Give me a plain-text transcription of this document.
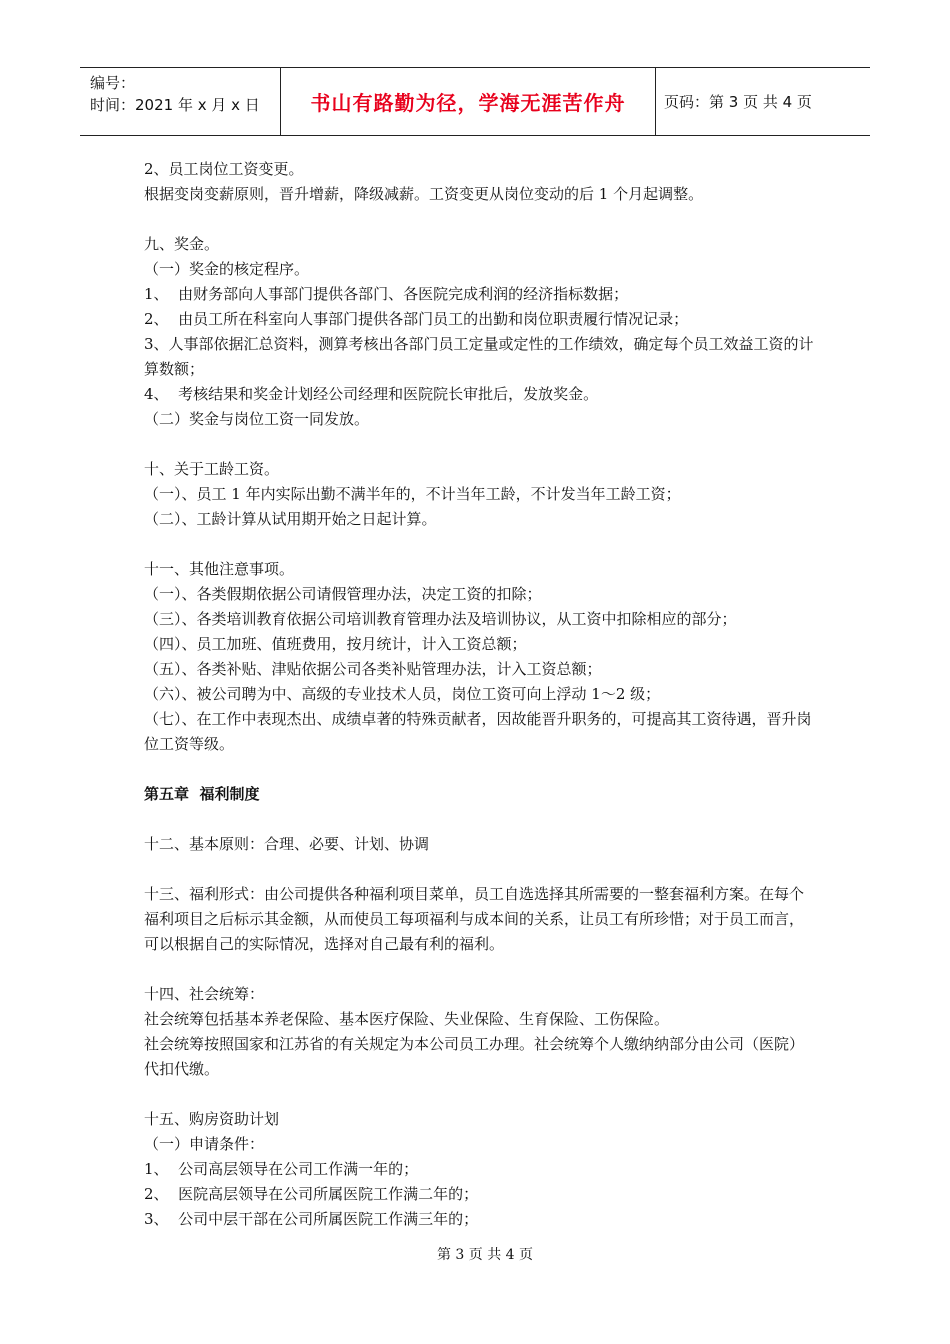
编号：
时间：2021 年 x 月 x 日	书山有路勤为径，学海无涯苦作舟	页码：第 3 页 共 4 页

2、员工岗位工资变更。

根据变岗变薪原则，晋升增薪，降级减薪。工资变更从岗位变动的后 1 个月起调整。

九、奖金。

（一）奖金的核定程序。

1、  由财务部向人事部门提供各部门、各医院完成利润的经济指标数据；

2、  由员工所在科室向人事部门提供各部门员工的出勤和岗位职责履行情况记录；

3、人事部依据汇总资料，测算考核出各部门员工定量或定性的工作绩效，确定每个员工效益工资的计算数额；

4、  考核结果和奖金计划经公司经理和医院院长审批后，发放奖金。

（二）奖金与岗位工资一同发放。

十、关于工龄工资。

（一）、员工 1 年内实际出勤不满半年的，不计当年工龄，不计发当年工龄工资；

（二）、工龄计算从试用期开始之日起计算。

十一、其他注意事项。

（一）、各类假期依据公司请假管理办法，决定工资的扣除；

（三）、各类培训教育依据公司培训教育管理办法及培训协议，从工资中扣除相应的部分；

（四）、员工加班、值班费用，按月统计，计入工资总额；

（五）、各类补贴、津贴依据公司各类补贴管理办法，计入工资总额；

（六）、被公司聘为中、高级的专业技术人员，岗位工资可向上浮动 1～2 级；

（七）、在工作中表现杰出、成绩卓著的特殊贡献者，因故能晋升职务的，可提高其工资待遇，晋升岗位工资等级。

第五章  福利制度

十二、基本原则：合理、必要、计划、协调

十三、福利形式：由公司提供各种福利项目菜单，员工自选选择其所需要的一整套福利方案。在每个福利项目之后标示其金额，从而使员工每项福利与成本间的关系，让员工有所珍惜；对于员工而言，可以根据自己的实际情况，选择对自己最有利的福利。

十四、社会统筹：

社会统筹包括基本养老保险、基本医疗保险、失业保险、生育保险、工伤保险。

社会统筹按照国家和江苏省的有关规定为本公司员工办理。社会统筹个人缴纳纳部分由公司（医院）代扣代缴。

十五、购房资助计划

（一）申请条件：

1、  公司高层领导在公司工作满一年的；

2、  医院高层领导在公司所属医院工作满二年的；

3、  公司中层干部在公司所属医院工作满三年的；

第 3 页 共 4 页
